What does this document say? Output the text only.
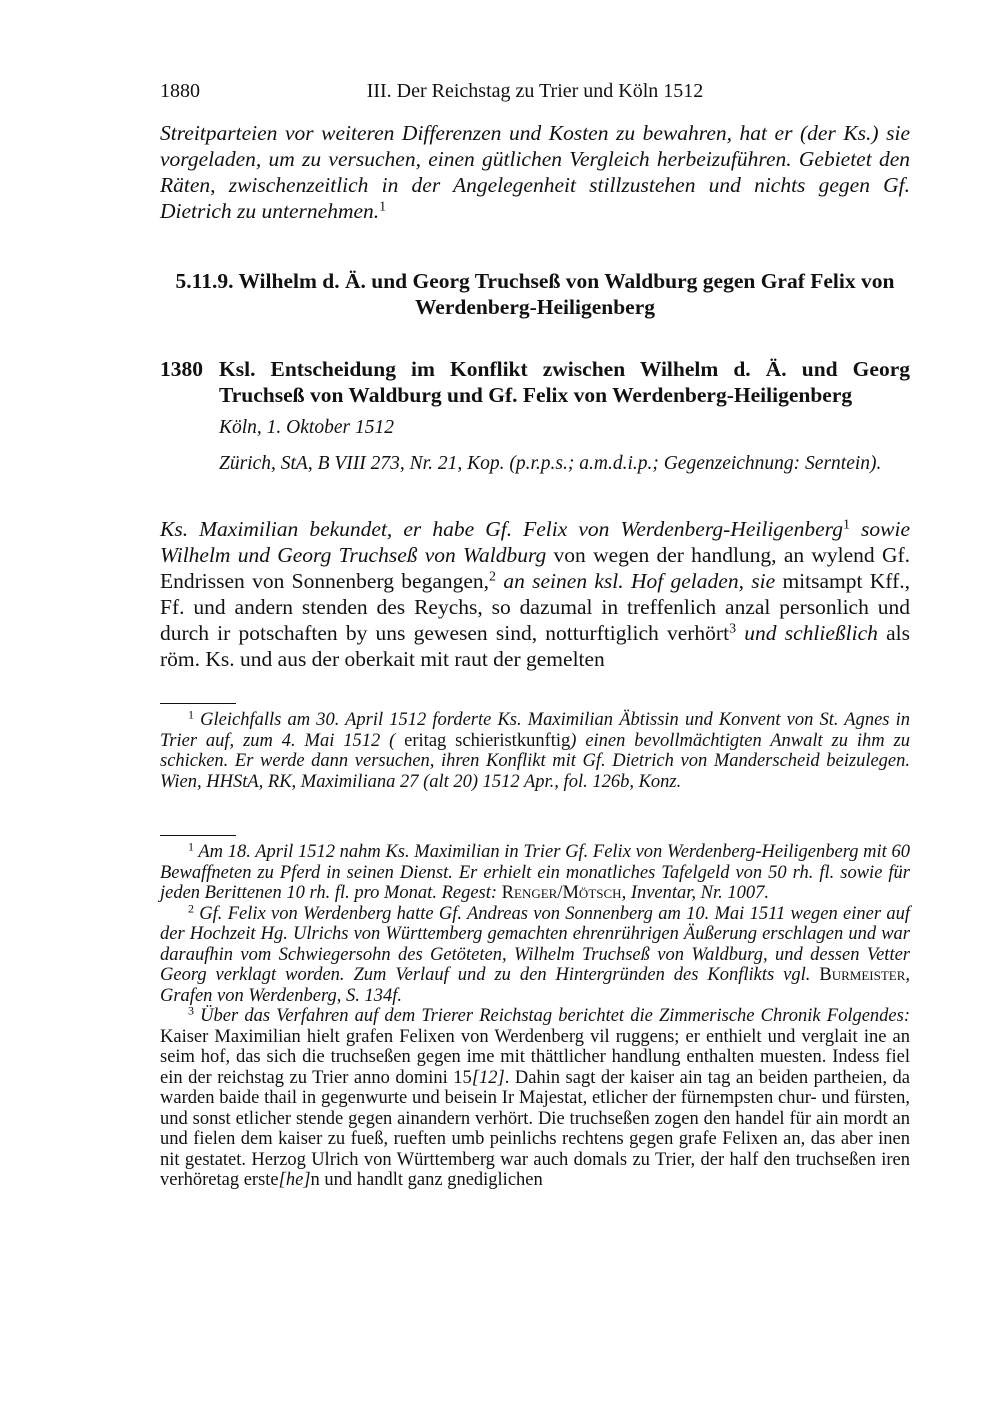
1880	III. Der Reichstag zu Trier und Köln 1512
Streitparteien vor weiteren Differenzen und Kosten zu bewahren, hat er (der Ks.) sie vorgeladen, um zu versuchen, einen gütlichen Vergleich herbeizuführen. Gebietet den Räten, zwischenzeitlich in der Angelegenheit stillzustehen und nichts gegen Gf. Dietrich zu unternehmen.$^1$
5.11.9. Wilhelm d. Ä. und Georg Truchseß von Waldburg gegen Graf Felix von Werdenberg-Heiligenberg
1380 Ksl. Entscheidung im Konflikt zwischen Wilhelm d. Ä. und Georg Truchseß von Waldburg und Gf. Felix von Werdenberg-Heiligenberg
Köln, 1. Oktober 1512
Zürich, StA, B VIII 273, Nr. 21, Kop. (p.r.p.s.; a.m.d.i.p.; Gegenzeichnung: Serntein).
Ks. Maximilian bekundet, er habe Gf. Felix von Werdenberg-Heiligenberg$^1$ sowie Wilhelm und Georg Truchseß von Waldburg von wegen der handlung, an wylend Gf. Endrissen von Sonnenberg begangen,$^2$ an seinen ksl. Hof geladen, sie mitsampt Kff., Ff. und andern stenden des Reychs, so dazumal in treffenlich anzal personlich und durch ir potschaften by uns gewesen sind, notturftiglich verhört$^3$ und schließlich als röm. Ks. und aus der oberkait mit raut der gemelten

$^1$ Gleichfalls am 30. April 1512 forderte Ks. Maximilian Äbtissin und Konvent von St. Agnes in Trier auf, zum 4. Mai 1512 ( eritag schieristkunftig) einen bevollmächtigten Anwalt zu ihm zu schicken. Er werde dann versuchen, ihren Konflikt mit Gf. Dietrich von Manderscheid beizulegen. Wien, HHStA, RK, Maximiliana 27 (alt 20) 1512 Apr., fol. 126b, Konz.

$^1$ Am 18. April 1512 nahm Ks. Maximilian in Trier Gf. Felix von Werdenberg-Heiligenberg mit 60 Bewaffneten zu Pferd in seinen Dienst. Er erhielt ein monatliches Tafelgeld von 50 rh. fl. sowie für jeden Berittenen 10 rh. fl. pro Monat. Regest: Renger/Mötsch, Inventar, Nr. 1007.

$^2$ Gf. Felix von Werdenberg hatte Gf. Andreas von Sonnenberg am 10. Mai 1511 wegen einer auf der Hochzeit Hg. Ulrichs von Württemberg gemachten ehrenrührigen Äußerung erschlagen und war daraufhin vom Schwiegersohn des Getöteten, Wilhelm Truchseß von Waldburg, und dessen Vetter Georg verklagt worden. Zum Verlauf und zu den Hintergründen des Konflikts vgl. Burmeister, Grafen von Werdenberg, S. 134f.

$^3$ Über das Verfahren auf dem Trierer Reichstag berichtet die Zimmerische Chronik Folgendes: Kaiser Maximilian hielt grafen Felixen von Werdenberg vil ruggens; er enthielt und verglait ine an seim hof, das sich die truchseßen gegen ime mit thättlicher handlung enthalten muesten. Indess fiel ein der reichstag zu Trier anno domini 15[12]. Dahin sagt der kaiser ain tag an beiden partheien, da warden baide thail in gegenwurte und beisein Ir Majestat, etlicher der fürnempsten chur- und fürsten, und sonst etlicher stende gegen ainandern verhört. Die truchseßen zogen den handel für ain mordt an und fielen dem kaiser zu fueß, rueften umb peinlichs rechtens gegen grafe Felixen an, das aber inen nit gestatet. Herzog Ulrich von Württemberg war auch domals zu Trier, der half den truchseßen iren verhöretag erste[he]n und handlt ganz gnediglichen
